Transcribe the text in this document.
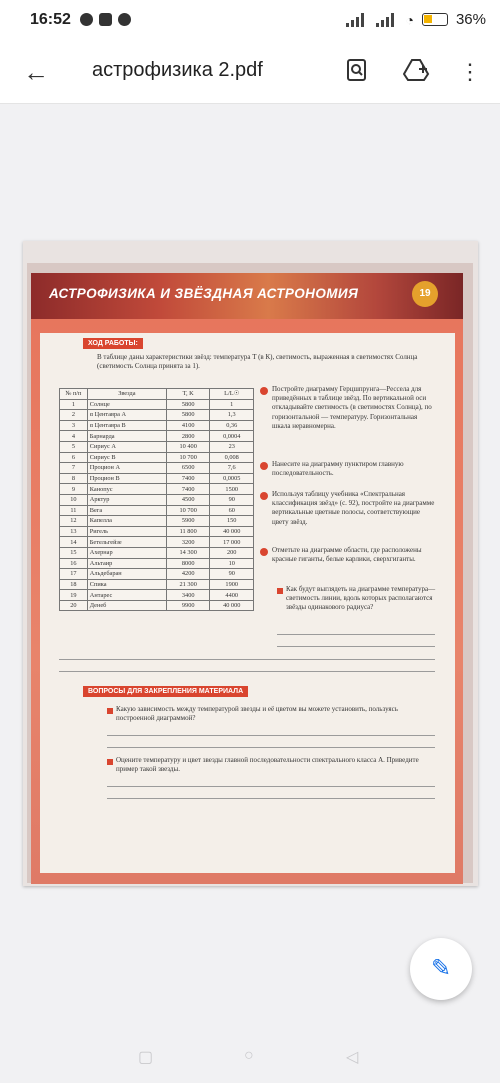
16:52	◔	36%
← астрофизика 2.pdf	⋮
АСТРОФИЗИКА И ЗВЁЗДНАЯ АСТРОНОМИЯ	19
ХОД РАБОТЫ:
В таблице даны характеристики звёзд: температура T (в К), светимость, выраженная в светимостях Солнца (светимость Солнца принята за 1).
№ п/п	Звезда	T, K	L/L☉
1	Солнце	5800	1
2	α Центавра А	5800	1,3
3	α Центавра В	4100	0,36
4	Барнарда	2800	0,0004
5	Сириус А	10 400	23
6	Сириус В	10 700	0,008
7	Процион А	6500	7,6
8	Процион В	7400	0,0005
9	Канопус	7400	1500
10	Арктур	4500	90
11	Вега	10 700	60
12	Капелла	5900	150
13	Ригель	11 800	40 000
14	Бетельгейзе	3200	17 000
15	Ахернар	14 300	200
16	Альтаир	8000	10
17	Альдебаран	4200	90
18	Спика	21 300	1900
19	Антарес	3400	4400
20	Денеб	9900	40 000
Постройте диаграмму Герцшпрунга—Рессела для приведённых в таблице звёзд. По вертикальной оси откладывайте светимость (в светимостях Солнца), по горизонтальной — температуру. Горизонтальная шкала неравномерна.
Нанесите на диаграмму пунктиром главную последовательность.
Используя таблицу учебника «Спектральная классификация звёзд» (с. 92), постройте на диаграмме вертикальные цветные полосы, соответствующие цвету звёзд.
Отметьте на диаграмме области, где расположены красные гиганты, белые карлики, сверхгиганты.
Как будут выглядеть на диаграмме температура—светимость линии, вдоль которых располагаются звёзды одинакового радиуса?
ВОПРОСЫ ДЛЯ ЗАКРЕПЛЕНИЯ МАТЕРИАЛА
Какую зависимость между температурой звезды и её цветом вы можете установить, пользуясь построенной диаграммой?
Оцените температуру и цвет звезды главной последовательности спектрального класса А. Приведите пример такой звезды.
✎
▢	○	◁
